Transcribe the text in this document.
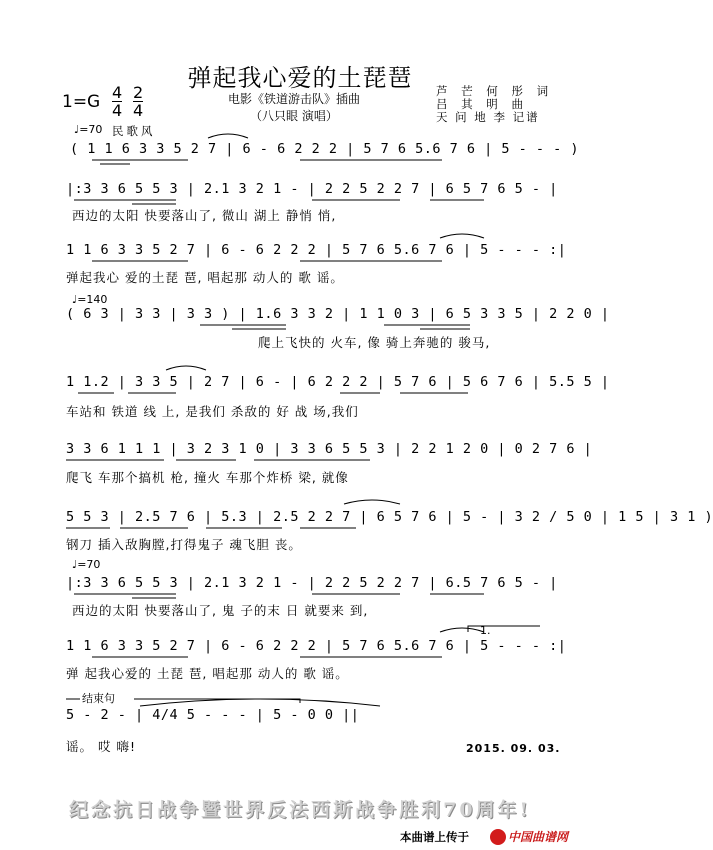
弹起我心爱的土琵琶
1=G 4
4
2
4
电影《铁道游击队》插曲
（八只眼 演唱）
芦 芒 何 彤 词
吕 其 明 曲
天 问 地 李 记谱
♩=70 民歌风
( 1 1 6 3 3 5 2 7 | 6 - 6 2 2 2 | 5 7 6 5.6 7 6 | 5 - - - )
|:3 3 6 5 5 3 | 2.1 3 2 1 - | 2 2 5 2 2 7 | 6 5 7 6 5 - |
西边的太阳 快要落山了, 微山 湖上 静悄 悄,
1 1 6 3 3 5 2 7 | 6 - 6 2 2 2 | 5 7 6 5.6 7 6 | 5 - - - :|
弹起我心 爱的土琵 琶, 唱起那 动人的 歌 谣。
♩=140
( 6 3 | 3 3 | 3 3 ) | 1.6 3 3 2 | 1 1 0 3 | 6 5 3 3 5 | 2 2 0 |
爬上飞快的 火车, 像 骑上奔驰的 骏马,
1 1.2 | 3 3 5 | 2 7 | 6 - | 6 2 2 2 | 5 7 6 | 5 6 7 6 | 5.5 5 |
车站和 铁道 线 上, 是我们 杀敌的 好 战 场,我们
3 3 6 1 1 1 | 3 2 3 1 0 | 3 3 6 5 5 3 | 2 2 1 2 0 | 0 2 7 6 |
爬飞 车那个搞机 枪, 撞火 车那个炸桥 梁, 就像
5 5 3 | 2.5 7 6 | 5.3 | 2.5 2 2 7 | 6 5 7 6 | 5 - | 3 2 / 5 0 | 1 5 | 3 1 )
钢刀 插入敌胸膛,打得鬼子 魂飞胆 丧。
♩=70
|:3 3 6 5 5 3 | 2.1 3 2 1 - | 2 2 5 2 2 7 | 6.5 7 6 5 - |
西边的太阳 快要落山了, 鬼 子的末 日 就要来 到,
1.
1 1 6 3 3 5 2 7 | 6 - 6 2 2 2 | 5 7 6 5.6 7 6 | 5 - - - :|
弹 起我心爱的 土琵 琶, 唱起那 动人的 歌 谣。
结束句
5 - 2 - | 4/4 5 - - - | 5 - 0 0 ||
谣。 哎 嗨!	2015. 09. 03.
纪念抗日战争暨世界反法西斯战争胜利70周年!
本曲谱上传于	中国曲谱网
